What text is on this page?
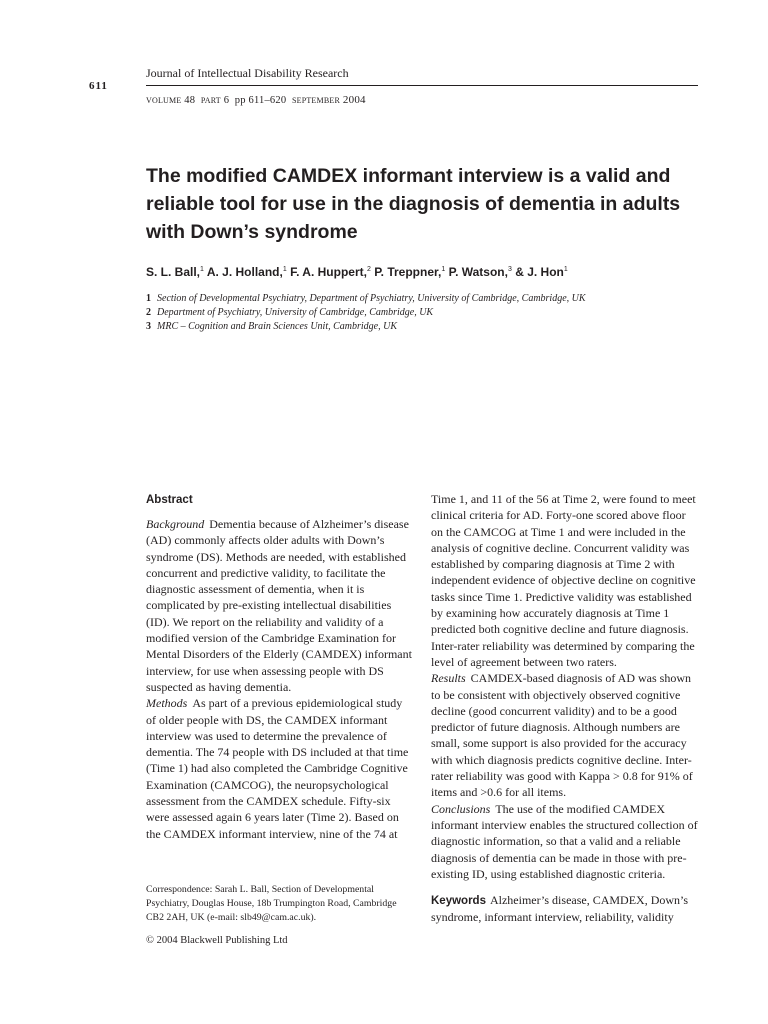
611
Journal of Intellectual Disability Research
volume 48 part 6 pp 611–620 september 2004
The modified CAMDEX informant interview is a valid and reliable tool for use in the diagnosis of dementia in adults with Down’s syndrome
S. L. Ball,$^1$ A. J. Holland,$^1$ F. A. Huppert,$^2$ P. Treppner,$^1$ P. Watson,$^3$ & J. Hon$^1$
1 Section of Developmental Psychiatry, Department of Psychiatry, University of Cambridge, Cambridge, UK
2 Department of Psychiatry, University of Cambridge, Cambridge, UK
3 MRC – Cognition and Brain Sciences Unit, Cambridge, UK
Abstract

Background Dementia because of Alzheimer’s disease (AD) commonly affects older adults with Down’s syndrome (DS). Methods are needed, with established concurrent and predictive validity, to facilitate the diagnostic assessment of dementia, when it is complicated by pre-existing intellectual disabilities (ID). We report on the reliability and validity of a modified version of the Cambridge Examination for Mental Disorders of the Elderly (CAMDEX) informant interview, for use when assessing people with DS suspected as having dementia.

Methods As part of a previous epidemiological study of older people with DS, the CAMDEX informant interview was used to determine the prevalence of dementia. The 74 people with DS included at that time (Time 1) had also completed the Cambridge Cognitive Examination (CAMCOG), the neuropsychological assessment from the CAMDEX schedule. Fifty-six were assessed again 6 years later (Time 2). Based on the CAMDEX informant interview, nine of the 74 at

Time 1, and 11 of the 56 at Time 2, were found to meet clinical criteria for AD. Forty-one scored above floor on the CAMCOG at Time 1 and were included in the analysis of cognitive decline. Concurrent validity was established by comparing diagnosis at Time 2 with independent evidence of objective decline on cognitive tasks since Time 1. Predictive validity was established by examining how accurately diagnosis at Time 1 predicted both cognitive decline and future diagnosis. Inter-rater reliability was determined by comparing the level of agreement between two raters.

Results CAMDEX-based diagnosis of AD was shown to be consistent with objectively observed cognitive decline (good concurrent validity) and to be a good predictor of future diagnosis. Although numbers are small, some support is also provided for the accuracy with which diagnosis predicts cognitive decline. Inter-rater reliability was good with Kappa > 0.8 for 91% of items and >0.6 for all items.

Conclusions The use of the modified CAMDEX informant interview enables the structured collection of diagnostic information, so that a valid and a reliable diagnosis of dementia can be made in those with pre-existing ID, using established diagnostic criteria.

Correspondence: Sarah L. Ball, Section of Developmental Psychiatry, Douglas House, 18b Trumpington Road, Cambridge CB2 2AH, UK (e-mail: slb49@cam.ac.uk).
© 2004 Blackwell Publishing Ltd
Keywords Alzheimer’s disease, CAMDEX, Down’s syndrome, informant interview, reliability, validity
